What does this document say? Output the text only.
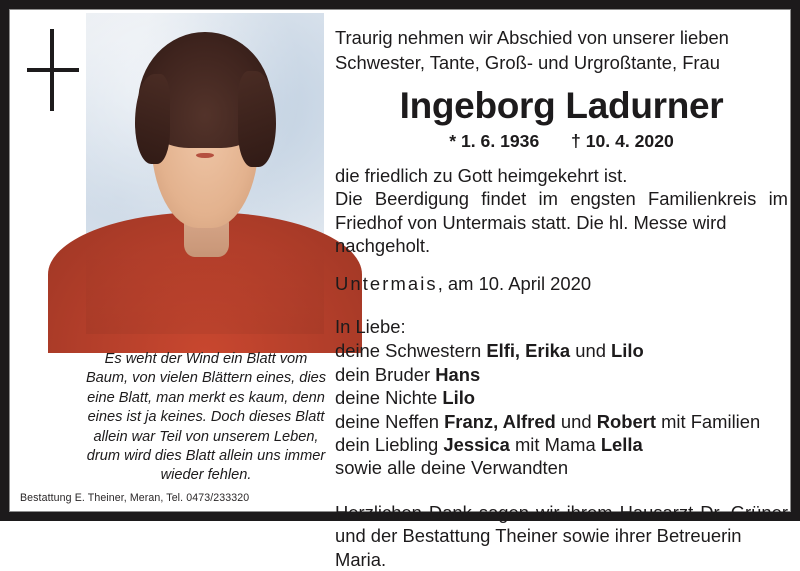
Es weht der Wind ein Blatt vom Baum, von vielen Blättern eines, dies eine Blatt, man merkt es kaum, denn eines ist ja keines. Doch dieses Blatt allein war Teil von unserem Leben, drum wird dies Blatt allein uns immer wieder fehlen.
Bestattung E. Theiner, Meran, Tel. 0473/233320

Traurig nehmen wir Abschied von unserer lieben
Schwester, Tante, Groß- und Urgroßtante, Frau

Ingeborg Ladurner

* 1. 6. 1936 † 10. 4. 2020

die friedlich zu Gott heimgekehrt ist.
Die Beerdigung findet im engsten Familienkreis im Friedhof von Untermais statt. Die hl. Messe wird
nachgeholt.

Untermais, am 10. April 2020

In Liebe:

deine Schwestern Elfi, Erika und Lilo
dein Bruder Hans
deine Nichte Lilo
deine Neffen Franz, Alfred und Robert mit Familien
dein Liebling Jessica mit Mama Lella
sowie alle deine Verwandten

Herzlichen Dank sagen wir ihrem Hausarzt Dr. Grüner und der Bestattung Theiner sowie ihrer Betreuerin
Maria.
